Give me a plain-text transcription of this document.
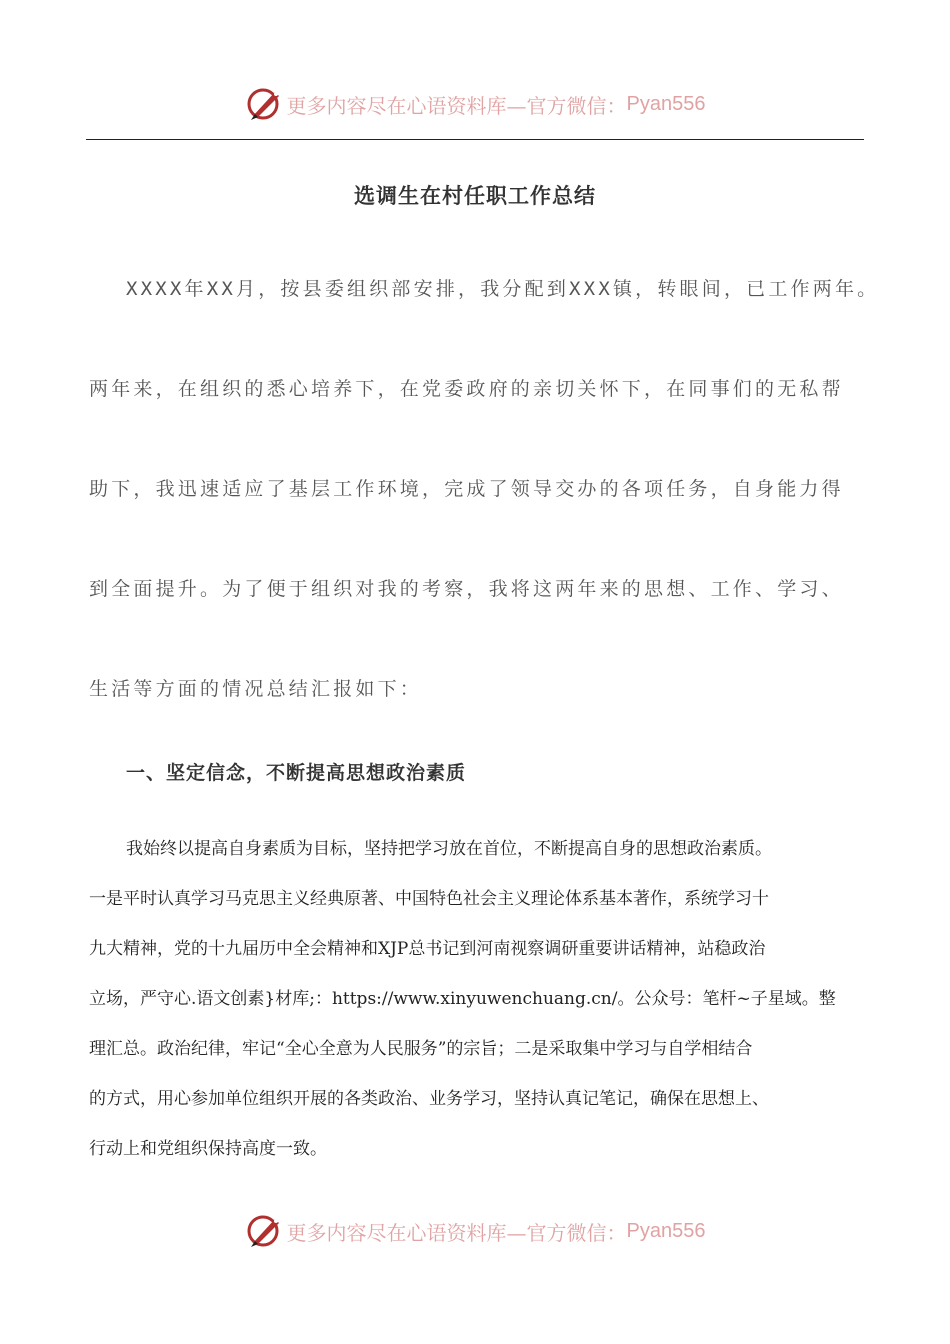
更多内容尽在心语资料库—官方微信： Pyan556
选调生在村任职工作总结
XXXX年XX月，按县委组织部安排，我分配到XXX镇，转眼间，已工作两年。
两年来，在组织的悉心培养下，在党委政府的亲切关怀下，在同事们的无私帮
助下，我迅速适应了基层工作环境，完成了领导交办的各项任务，自身能力得
到全面提升。为了便于组织对我的考察，我将这两年来的思想、工作、学习、
生活等方面的情况总结汇报如下：
一、坚定信念，不断提高思想政治素质
我始终以提高自身素质为目标，坚持把学习放在首位，不断提高自身的思想政治素质。
一是平时认真学习马克思主义经典原著、中国特色社会主义理论体系基本著作，系统学习十
九大精神，党的十九届历中全会精神和XJP总书记到河南视察调研重要讲话精神，站稳政治
立场，严守心.语文创素}材库;：https://www.xinyuwenchuang.cn/。公众号：笔杆~子星域。整
理汇总。政治纪律，牢记“全心全意为人民服务”的宗旨；二是采取集中学习与自学相结合
的方式，用心参加单位组织开展的各类政治、业务学习，坚持认真记笔记，确保在思想上、
行动上和党组织保持高度一致。
更多内容尽在心语资料库—官方微信： Pyan556
